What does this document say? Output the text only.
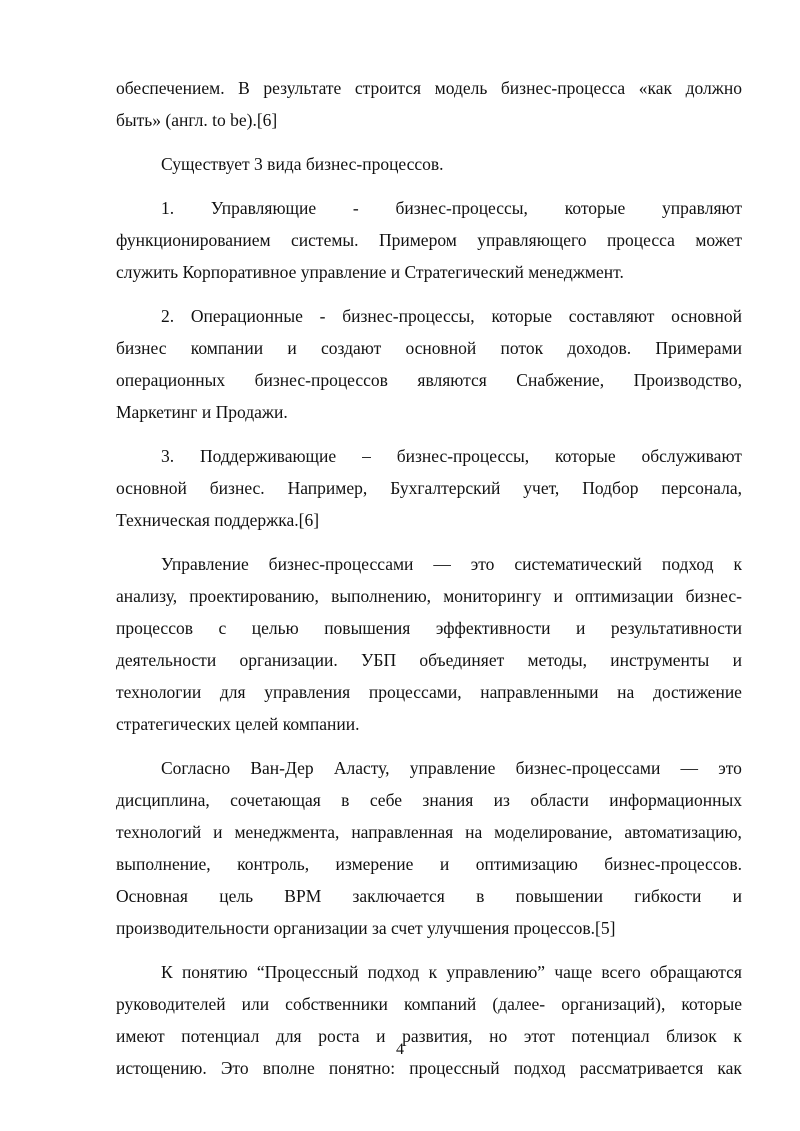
обеспечением. В результате строится модель бизнес-процесса «как должно
быть» (англ. to be).[6]
Существует 3 вида бизнес-процессов.
1. Управляющие - бизнес-процессы, которые управляют
функционированием системы. Примером управляющего процесса может
служить Корпоративное управление и Стратегический менеджмент.
2. Операционные - бизнес-процессы, которые составляют основной
бизнес компании и создают основной поток доходов. Примерами
операционных бизнес-процессов являются Снабжение, Производство,
Маркетинг и Продажи.
3. Поддерживающие – бизнес-процессы, которые обслуживают
основной бизнес. Например, Бухгалтерский учет, Подбор персонала,
Техническая поддержка.[6]
Управление бизнес-процессами — это систематический подход к
анализу, проектированию, выполнению, мониторингу и оптимизации бизнес-
процессов с целью повышения эффективности и результативности
деятельности организации. УБП объединяет методы, инструменты и
технологии для управления процессами, направленными на достижение
стратегических целей компании.
Согласно Ван-Дер Аласту, управление бизнес-процессами — это
дисциплина, сочетающая в себе знания из области информационных
технологий и менеджмента, направленная на моделирование, автоматизацию,
выполнение, контроль, измерение и оптимизацию бизнес-процессов.
Основная цель BPM заключается в повышении гибкости и
производительности организации за счет улучшения процессов.[5]
К понятию “Процессный подход к управлению” чаще всего обращаются
руководителей или собственники компаний (далее- организаций), которые
имеют потенциал для роста и развития, но этот потенциал близок к
истощению. Это вполне понятно: процессный подход рассматривается как
4
